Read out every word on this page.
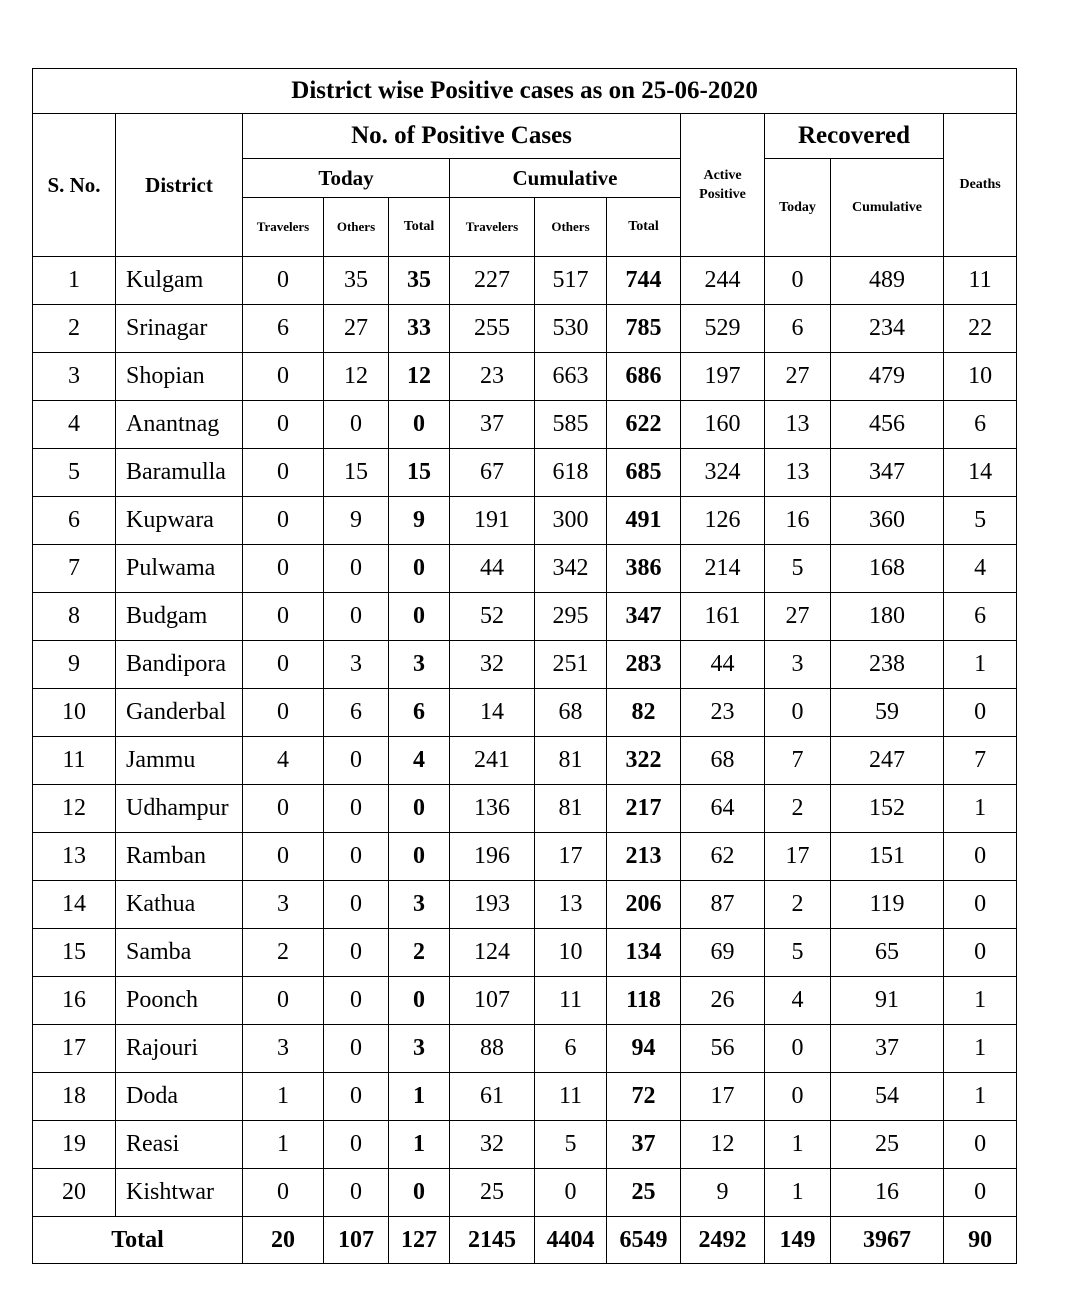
District wise Positive cases as on 25-06-2020											
S. No.	District	No. of Positive Cases						Active Positive	Recovered		Deaths
		Today			Cumulative				Today	Cumulative	
		Travelers	Others	Total	Travelers	Others	Total				
1	Kulgam	0	35	35	227	517	744	244	0	489	11
2	Srinagar	6	27	33	255	530	785	529	6	234	22
3	Shopian	0	12	12	23	663	686	197	27	479	10
4	Anantnag	0	0	0	37	585	622	160	13	456	6
5	Baramulla	0	15	15	67	618	685	324	13	347	14
6	Kupwara	0	9	9	191	300	491	126	16	360	5
7	Pulwama	0	0	0	44	342	386	214	5	168	4
8	Budgam	0	0	0	52	295	347	161	27	180	6
9	Bandipora	0	3	3	32	251	283	44	3	238	1
10	Ganderbal	0	6	6	14	68	82	23	0	59	0
11	Jammu	4	0	4	241	81	322	68	7	247	7
12	Udhampur	0	0	0	136	81	217	64	2	152	1
13	Ramban	0	0	0	196	17	213	62	17	151	0
14	Kathua	3	0	3	193	13	206	87	2	119	0
15	Samba	2	0	2	124	10	134	69	5	65	0
16	Poonch	0	0	0	107	11	118	26	4	91	1
17	Rajouri	3	0	3	88	6	94	56	0	37	1
18	Doda	1	0	1	61	11	72	17	0	54	1
19	Reasi	1	0	1	32	5	37	12	1	25	0
20	Kishtwar	0	0	0	25	0	25	9	1	16	0
Total		20	107	127	2145	4404	6549	2492	149	3967	90
